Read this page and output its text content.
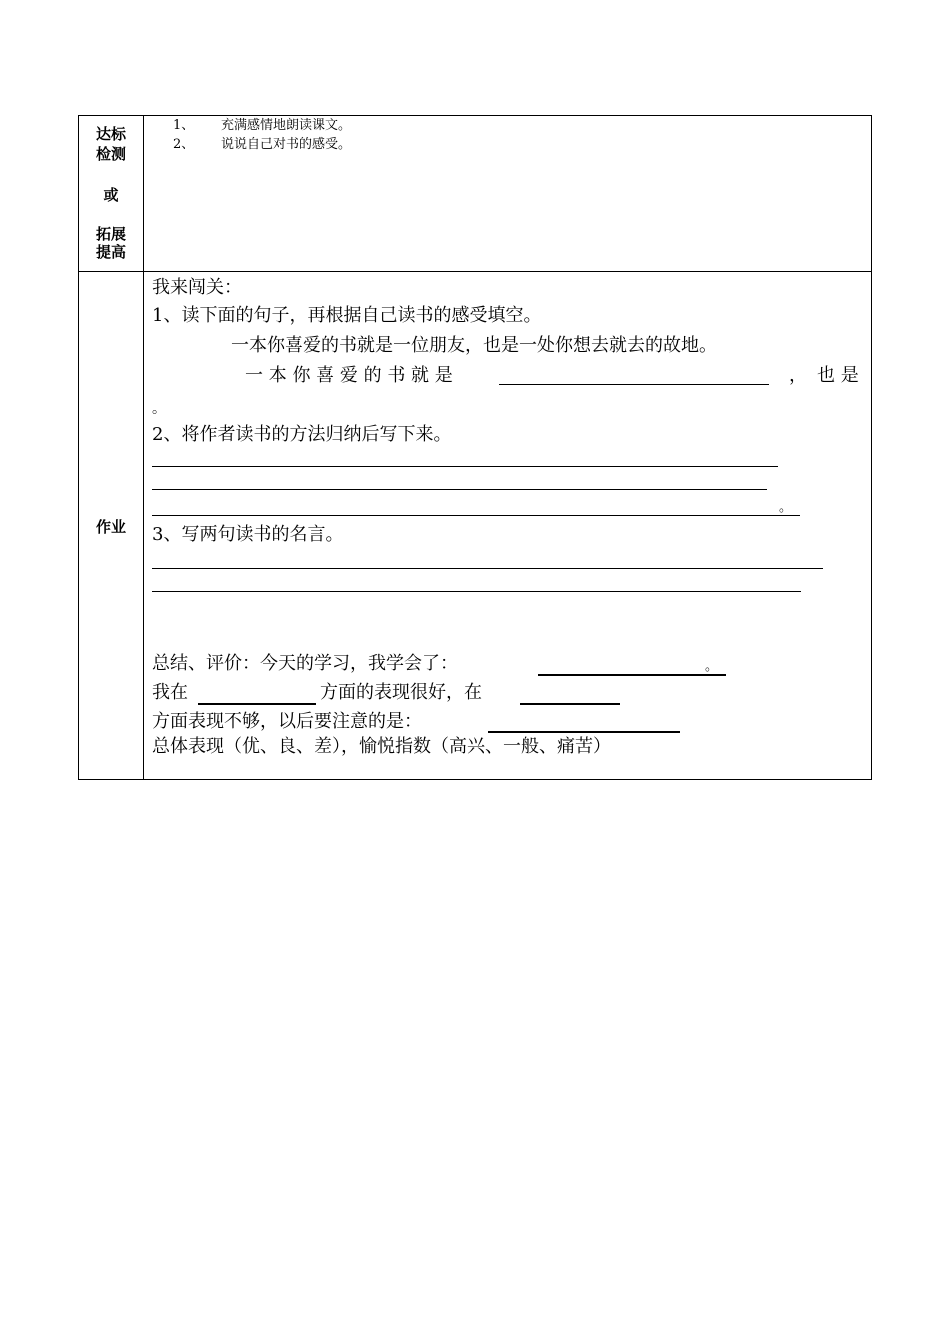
达标
检测
或
拓展
提高
1、 充满感情地朗读课文。
2、 说说自己对书的感受。
作业
我来闯关：
1、读下面的句子，再根据自己读书的感受填空。
一本你喜爱的书就是一位朋友，也是一处你想去就去的故地。
一 本 你 喜 爱 的 书 就 是	， 也 是
。
2、将作者读书的方法归纳后写下来。
。
3、写两句读书的名言。
总结、评价：今天的学习，我学会了：	。
我在	方面的表现很好，在
方面表现不够，以后要注意的是：
总体表现（优、良、差），愉悦指数（高兴、一般、痛苦）
